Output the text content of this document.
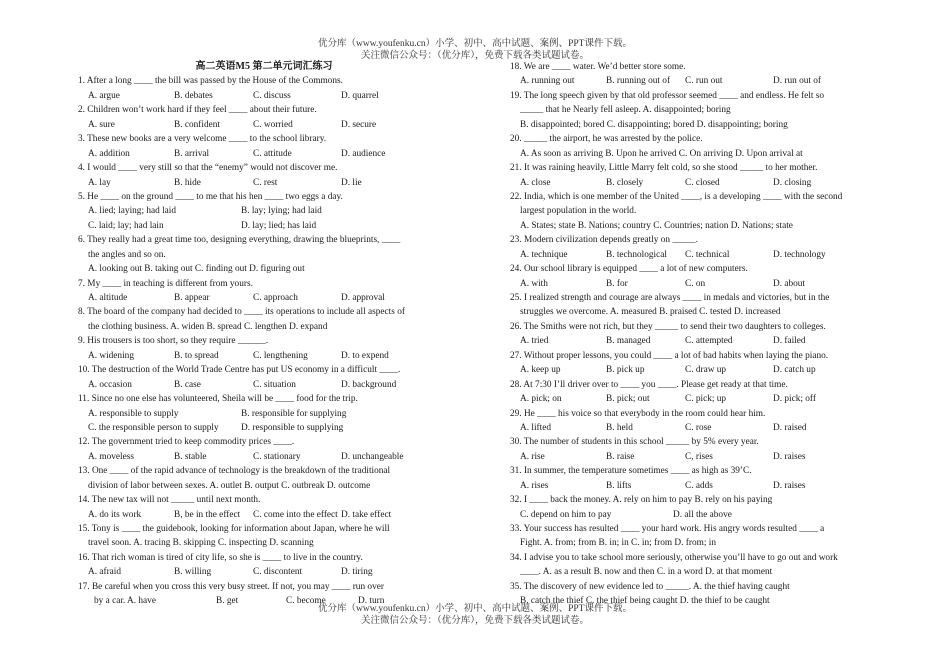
优分库（www.youfenku.cn）小学、初中、高中试题、案例、PPT课件下载。
关注微信公众号：（优分库），免费下载各类试题试卷。
高二英语M5 第二单元词汇练习
1. After a long ____ the bill was passed by the House of the Commons.
A. argue	B. debates	C. discuss	D. quarrel
2. Children won’t work hard if they feel ____ about their future.
A. sure	B. confident	C. worried	D. secure
3. These new books are a very welcome ____ to the school library.
A. addition	B. arrival	C. attitude	D. audience
4. I would ____ very still so that the “enemy” would not discover me.
A. lay	B. hide	C. rest	D. lie
5. He ____ on the ground ____ to me that his hen ____ two eggs a day.
A. lied; laying; had laid	B. lay; lying; had laid
C. laid; lay; had lain	D. lay; lied; has laid
6. They really had a great time too, designing everything, drawing the blueprints, ____
the angles and so on.
A. looking out B. taking out C. finding out D. figuring out
7. My ____ in teaching is different from yours.
A. altitude	B. appear	C. approach	D. approval
8. The board of the company had decided to ____ its operations to include all aspects of
the clothing business. A. widen B. spread C. lengthen D. expand
9. His trousers is too short, so they require ______.
A. widening	B. to spread	C. lengthening	D. to expend
10. The destruction of the World Trade Centre has put US economy in a difficult ____.
A. occasion	B. case	C. situation	D. background
11. Since no one else has volunteered, Sheila will be ____ food for the trip.
A. responsible to supply	B. responsible for supplying
C. the responsible person to supply D. responsible to supplying
12. The government tried to keep commodity prices ____.
A. moveless	B. stable	C. stationary	D. unchangeable
13. One ____ of the rapid advance of technology is the breakdown of the traditional
division of labor between sexes. A. outlet B. output C. outbreak D. outcome
14. The new tax will not _____ until next month.
A. do its work	B, be in the effect C. come into the effect D. take effect
15. Tony is ____ the guidebook, looking for information about Japan, where he will
travel soon. A. tracing B. skipping C. inspecting D. scanning
16. That rich woman is tired of city life, so she is ____ to live in the country.
A. afraid	B. willing	C. discontent	D. tiring
17. Be careful when you cross this very busy street. If not, you may ____ run over
by a car. A. have	B. get	C. become	D. turn
18. We are ____ water. We’d better store some.
A. running out	B. running out of C. run out	D. run out of
19. The long speech given by that old professor seemed ____ and endless. He felt so
_____ that he Nearly fell asleep. A. disappointed; boring
B. disappointed; bored C. disappointing; bored D. disappointing; boring
20. _____ the airport, he was arrested by the police.
A. As soon as arriving B. Upon he arrived C. On arriving D. Upon arrival at
21. It was raining heavily, Little Marry felt cold, so she stood _____ to her mother.
A. close	B. closely	C. closed	D. closing
22. India, which is one member of the United ____, is a developing ____ with the second
largest population in the world.
A. States; state B. Nations; country C. Countries; nation D. Nations; state
23. Modern civilization depends greatly on _____.
A. technique	B. technological C. technical	D. technology
24. Our school library is equipped ____ a lot of new computers.
A. with	B. for	C. on	D. about
25. I realized strength and courage are always ____ in medals and victories, but in the
struggles we overcome. A. measured B. praised C. tested D. increased
26. The Smiths were not rich, but they _____ to send their two daughters to colleges.
A. tried	B. managed	C. attempted	D. failed
27. Without proper lessons, you could ____ a lot of bad habits when laying the piano.
A. keep up	B. pick up	C. draw up	D. catch up
28. At 7:30 I’ll driver over to ____ you ____. Please get ready at that time.
A. pick; on	B. pick; out	C. pick; up	D. pick; off
29. He ____ his voice so that everybody in the room could hear him.
A. lifted	B. held	C. rose	D. raised
30. The number of students in this school _____ by 5% every year.
A. rise	B. raise	C, rises	D. raises
31. In summer, the temperature sometimes ____ as high as 39’C.
A. rises	B. lifts	C. adds	D. raises
32. I ____ back the money. A. rely on him to pay B. rely on his paying
C. depend on him to pay	D. all the above
33. Your success has resulted ____ your hard work. His angry words resulted ____ a
Fight. A. from; from B. in; in C. in; from D. from; in
34. I advise you to take school more seriously, otherwise you’ll have to go out and work
____. A. as a result B. now and then C. in a word D. at that moment
35. The discovery of new evidence led to _____. A. the thief having caught
B. catch the thief C. the thief being caught D. the thief to be caught
优分库（www.youfenku.cn）小学、初中、高中试题、案例、PPT课件下载。
关注微信公众号：（优分库），免费下载各类试题试卷。
